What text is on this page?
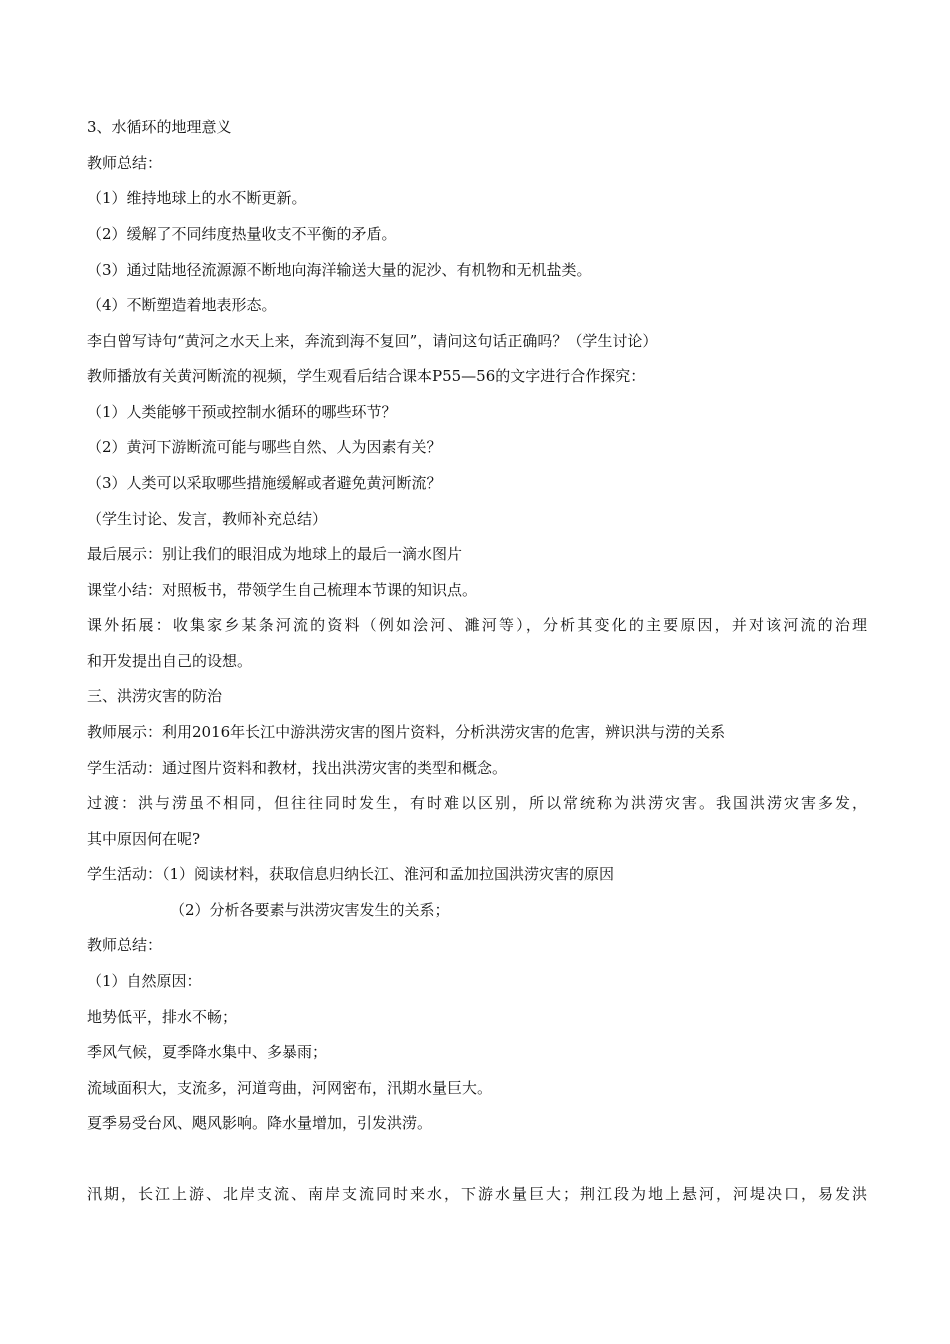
3、水循环的地理意义
教师总结：
（1）维持地球上的水不断更新。
（2）缓解了不同纬度热量收支不平衡的矛盾。
（3）通过陆地径流源源不断地向海洋输送大量的泥沙、有机物和无机盐类。
（4）不断塑造着地表形态。
李白曾写诗句“黄河之水天上来，奔流到海不复回”，请问这句话正确吗？（学生讨论）
教师播放有关黄河断流的视频，学生观看后结合课本P55—56的文字进行合作探究：
（1）人类能够干预或控制水循环的哪些环节？
（2）黄河下游断流可能与哪些自然、人为因素有关？
（3）人类可以采取哪些措施缓解或者避免黄河断流？
（学生讨论、发言，教师补充总结）
最后展示：别让我们的眼泪成为地球上的最后一滴水图片
课堂小结：对照板书，带领学生自己梳理本节课的知识点。
课外拓展：收集家乡某条河流的资料（例如浍河、濉河等），分析其变化的主要原因，并对该河流的治理
和开发提出自己的设想。
三、洪涝灾害的防治
教师展示：利用2016年长江中游洪涝灾害的图片资料，分析洪涝灾害的危害，辨识洪与涝的关系
学生活动：通过图片资料和教材，找出洪涝灾害的类型和概念。
过渡：洪与涝虽不相同，但往往同时发生，有时难以区别，所以常统称为洪涝灾害。我国洪涝灾害多发，
其中原因何在呢?
学生活动：（1）阅读材料，获取信息归纳长江、淮河和孟加拉国洪涝灾害的原因
（2）分析各要素与洪涝灾害发生的关系；
教师总结：
（1）自然原因：
地势低平，排水不畅；
季风气候，夏季降水集中、多暴雨；
流域面积大，支流多，河道弯曲，河网密布，汛期水量巨大。
夏季易受台风、飓风影响。降水量增加，引发洪涝。
汛期，长江上游、北岸支流、南岸支流同时来水，下游水量巨大；荆江段为地上悬河，河堤决口，易发洪
